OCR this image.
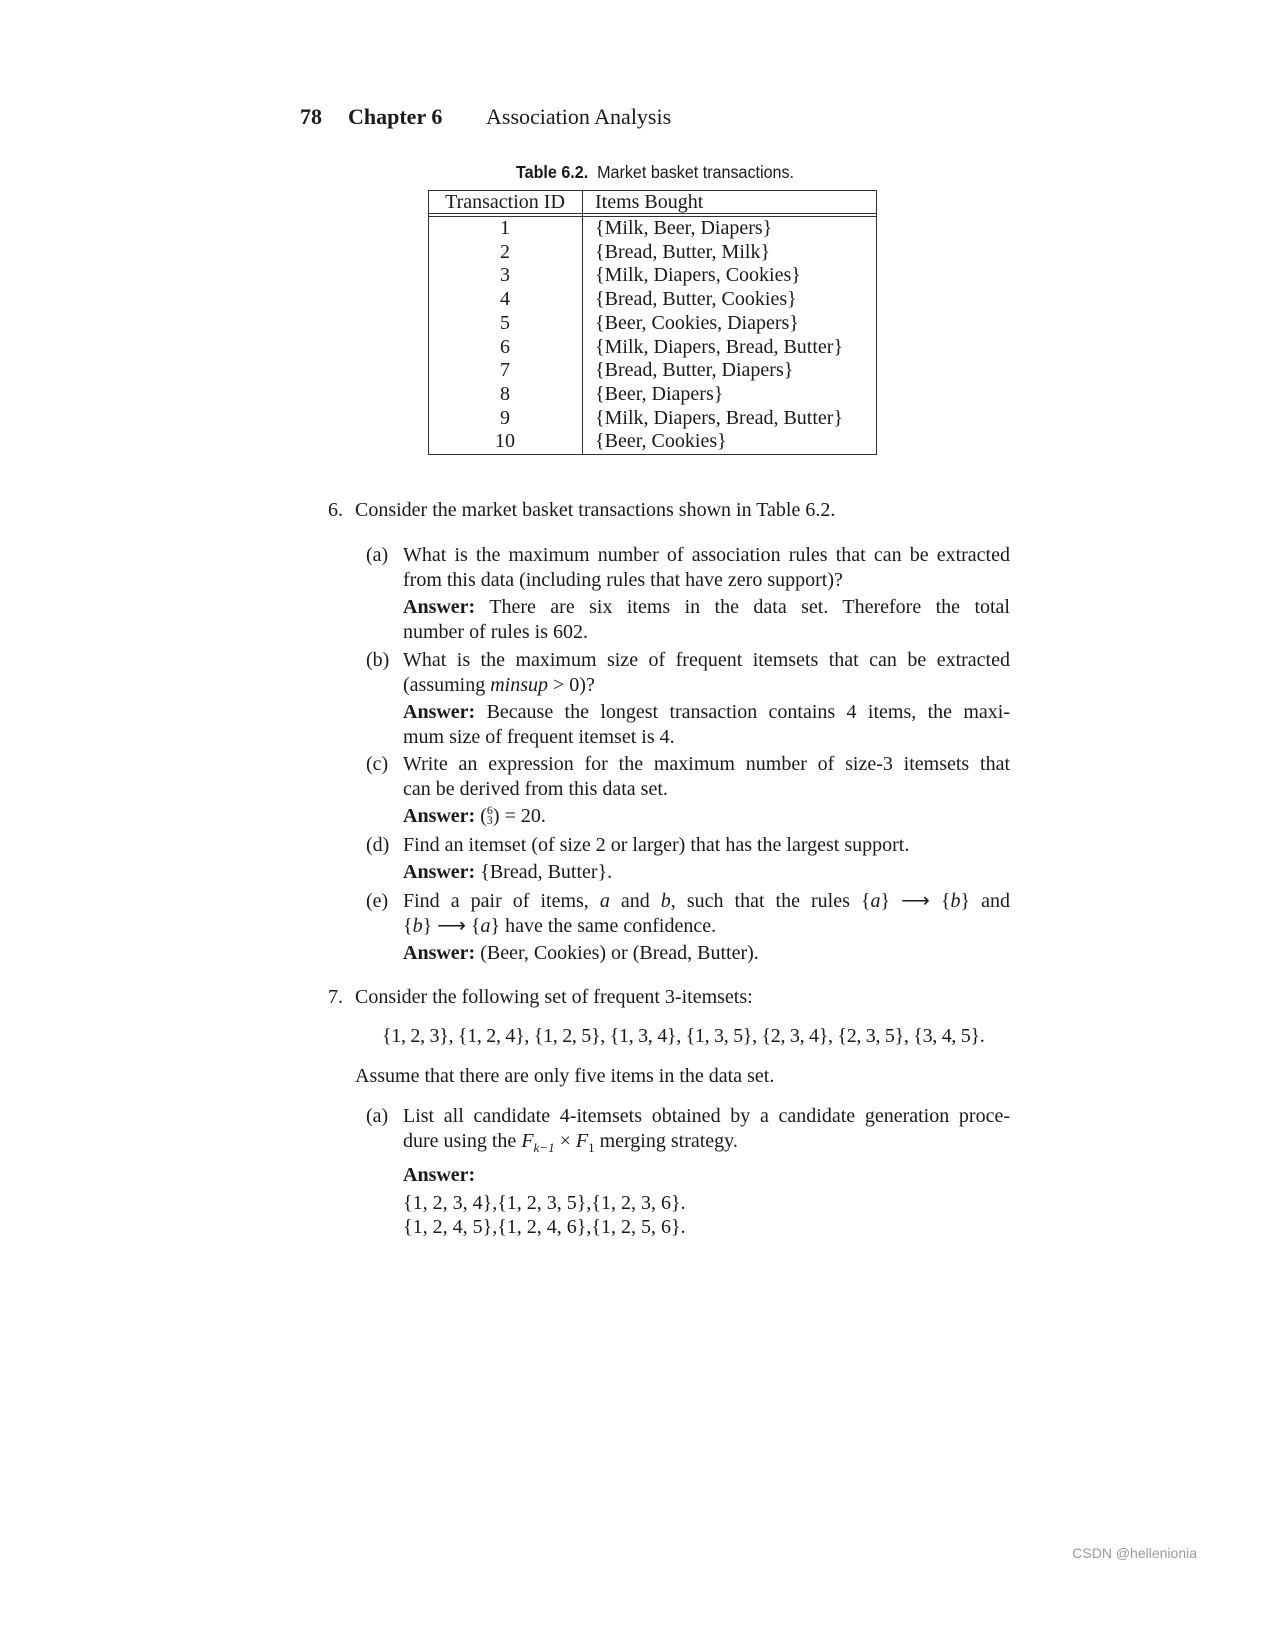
78 Chapter 6 Association Analysis
Table 6.2. Market basket transactions.
Transaction ID	Items Bought
1	{Milk, Beer, Diapers}
2	{Bread, Butter, Milk}
3	{Milk, Diapers, Cookies}
4	{Bread, Butter, Cookies}
5	{Beer, Cookies, Diapers}
6	{Milk, Diapers, Bread, Butter}
7	{Bread, Butter, Diapers}
8	{Beer, Diapers}
9	{Milk, Diapers, Bread, Butter}
10	{Beer, Cookies}
6. Consider the market basket transactions shown in Table 6.2.
(a) What is the maximum number of association rules that can be extracted
from this data (including rules that have zero support)?
Answer: There are six items in the data set. Therefore the total
number of rules is 602.
(b) What is the maximum size of frequent itemsets that can be extracted
(assuming minsup > 0)?
Answer: Because the longest transaction contains 4 items, the maxi-
mum size of frequent itemset is 4.
(c) Write an expression for the maximum number of size-3 itemsets that
can be derived from this data set.
Answer: (6
3) = 20.
(d) Find an itemset (of size 2 or larger) that has the largest support.
Answer: {Bread, Butter}.
(e) Find a pair of items, a and b, such that the rules {a} ⟶ {b} and
{b} ⟶ {a} have the same confidence.
Answer: (Beer, Cookies) or (Bread, Butter).
7. Consider the following set of frequent 3-itemsets:
{1, 2, 3}, {1, 2, 4}, {1, 2, 5}, {1, 3, 4}, {1, 3, 5}, {2, 3, 4}, {2, 3, 5}, {3, 4, 5}.
Assume that there are only five items in the data set.
(a) List all candidate 4-itemsets obtained by a candidate generation proce-
dure using the $F_{k-1} \times F_1$ merging strategy.
Answer:
{1, 2, 3, 4},{1, 2, 3, 5},{1, 2, 3, 6}.
{1, 2, 4, 5},{1, 2, 4, 6},{1, 2, 5, 6}.
CSDN @hellenionia
